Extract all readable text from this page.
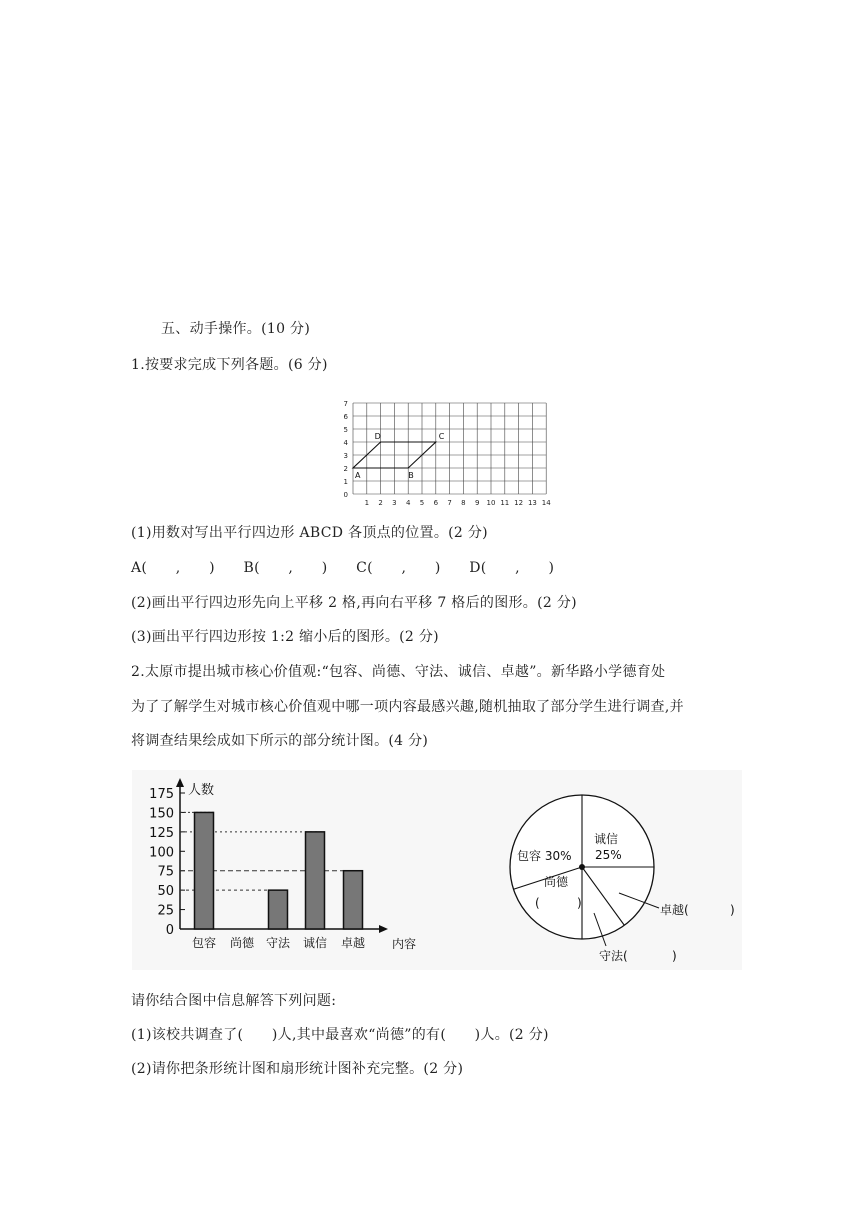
五、动手操作。(10 分)
1.按要求完成下列各题。(6 分)
1 2 3 4 5 6 7 8 9 10 11 12 13 14
0
1
2
3
4
5
6
7
A	B
C
D
(1)用数对写出平行四边形 ABCD 各顶点的位置。(2 分)
A(　　,　　)　　B(　　,　　)　　C(　　,　　)　　D(　　,　　)
(2)画出平行四边形先向上平移 2 格,再向右平移 7 格后的图形。(2 分)
(3)画出平行四边形按 1:2 缩小后的图形。(2 分)
2.太原市提出城市核心价值观:“包容、尚德、守法、诚信、卓越”。新华路小学德育处
为了了解学生对城市核心价值观中哪一项内容最感兴趣,随机抽取了部分学生进行调查,并
将调查结果绘成如下所示的部分统计图。(4 分)
人数
内容
0
25
50
75
100
125
150
175
包容 尚德 守法 诚信 卓越
包容 30%
诚信
25%
尚德
(	)	卓越(	)
守法(	)
请你结合图中信息解答下列问题:
(1)该校共调查了(　　)人,其中最喜欢“尚德”的有(　　)人。(2 分)
(2)请你把条形统计图和扇形统计图补充完整。(2 分)
